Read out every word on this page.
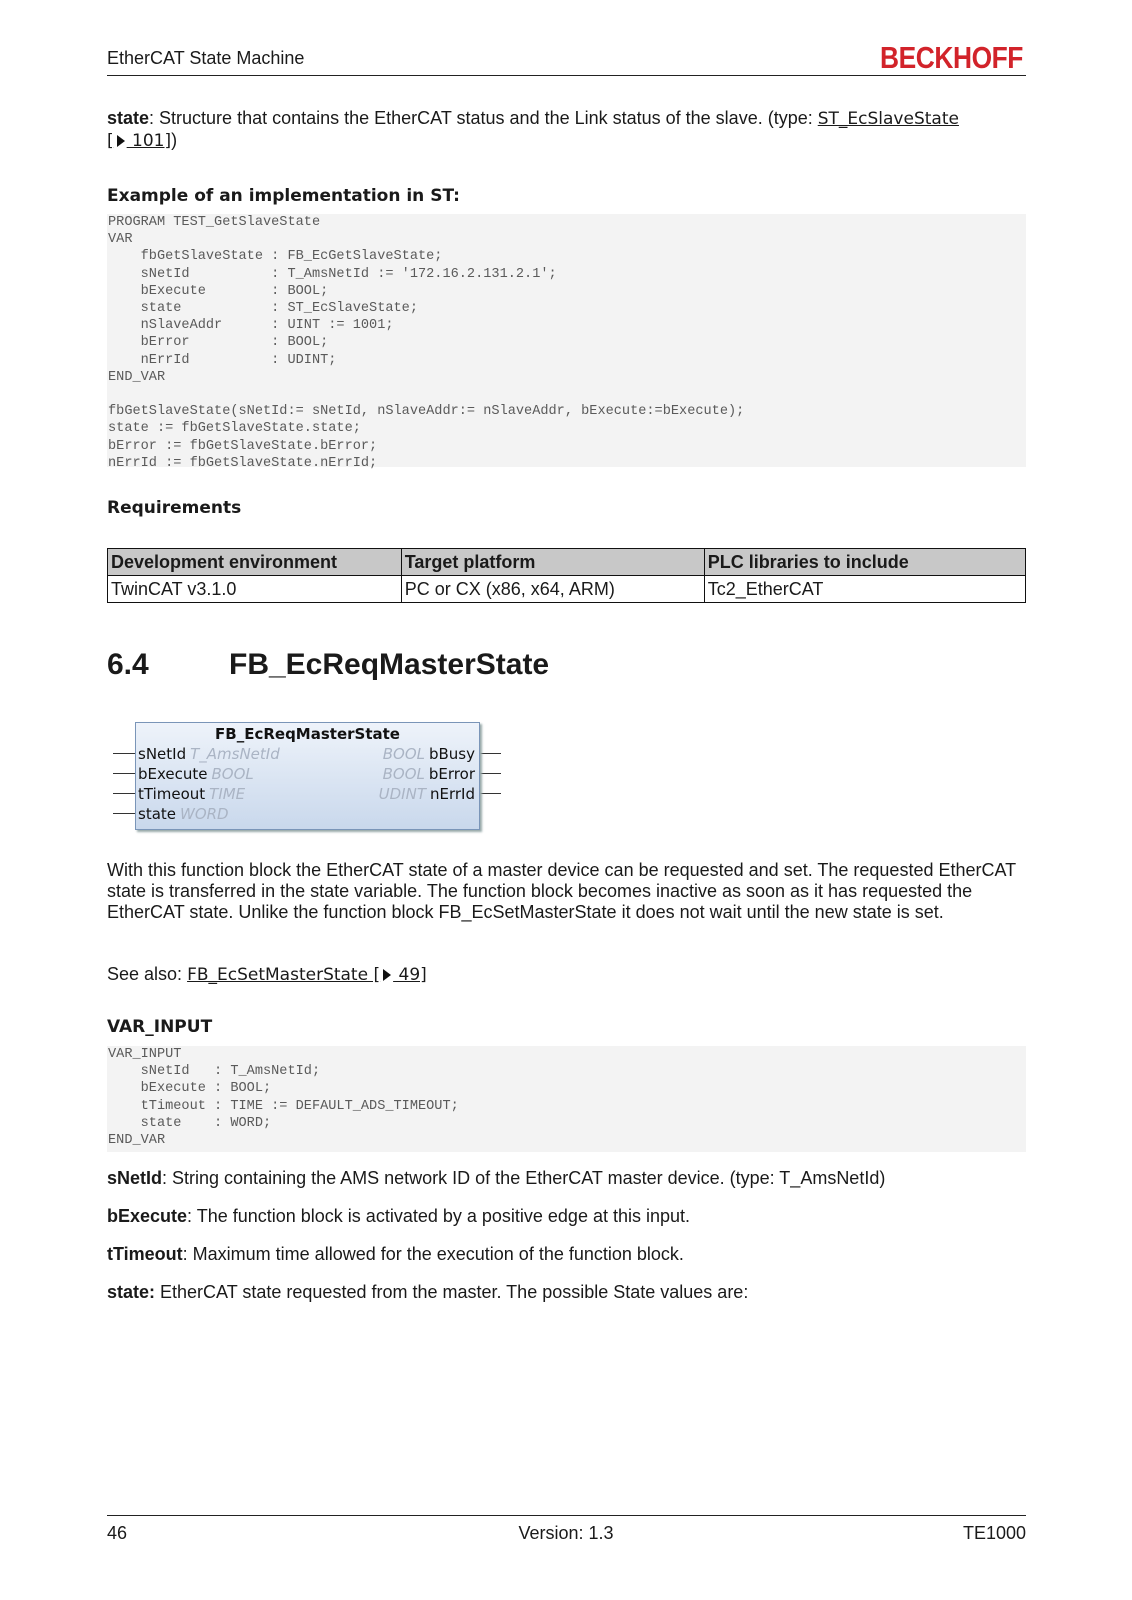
EtherCAT State Machine	BECKHOFF
state: Structure that contains the EtherCAT status and the Link status of the slave. (type: ST_EcSlaveState
[ 101])
Example of an implementation in ST:
PROGRAM TEST_GetSlaveState
VAR
fbGetSlaveState : FB_EcGetSlaveState;
sNetId          : T_AmsNetId := '172.16.2.131.2.1';
bExecute        : BOOL;
state           : ST_EcSlaveState;
nSlaveAddr      : UINT := 1001;
bError          : BOOL;
nErrId          : UDINT;
END_VAR

fbGetSlaveState(sNetId:= sNetId, nSlaveAddr:= nSlaveAddr, bExecute:=bExecute);
state := fbGetSlaveState.state;
bError := fbGetSlaveState.bError;
nErrId := fbGetSlaveState.nErrId;
Requirements
Development environment	Target platform	PLC libraries to include
TwinCAT v3.1.0	PC or CX (x86, x64, ARM)	Tc2_EtherCAT
6.4	FB_EcReqMasterState
FB_EcReqMasterState
sNetId T_AmsNetId
bExecute BOOL
tTimeout TIME
state WORD
BOOL bBusy
BOOL bError
UDINT nErrId
With this function block the EtherCAT state of a master device can be requested and set. The requested EtherCAT state is transferred in the state variable. The function block becomes inactive as soon as it has requested the EtherCAT state. Unlike the function block FB_EcSetMasterState it does not wait until the new state is set.
See also: FB_EcSetMasterState [ 49]
VAR_INPUT
VAR_INPUT
sNetId   : T_AmsNetId;
bExecute : BOOL;
tTimeout : TIME := DEFAULT_ADS_TIMEOUT;
state    : WORD;
END_VAR
sNetId: String containing the AMS network ID of the EtherCAT master device. (type: T_AmsNetId)
bExecute: The function block is activated by a positive edge at this input.
tTimeout: Maximum time allowed for the execution of the function block.
state: EtherCAT state requested from the master. The possible State values are:
46	Version: 1.3	TE1000
